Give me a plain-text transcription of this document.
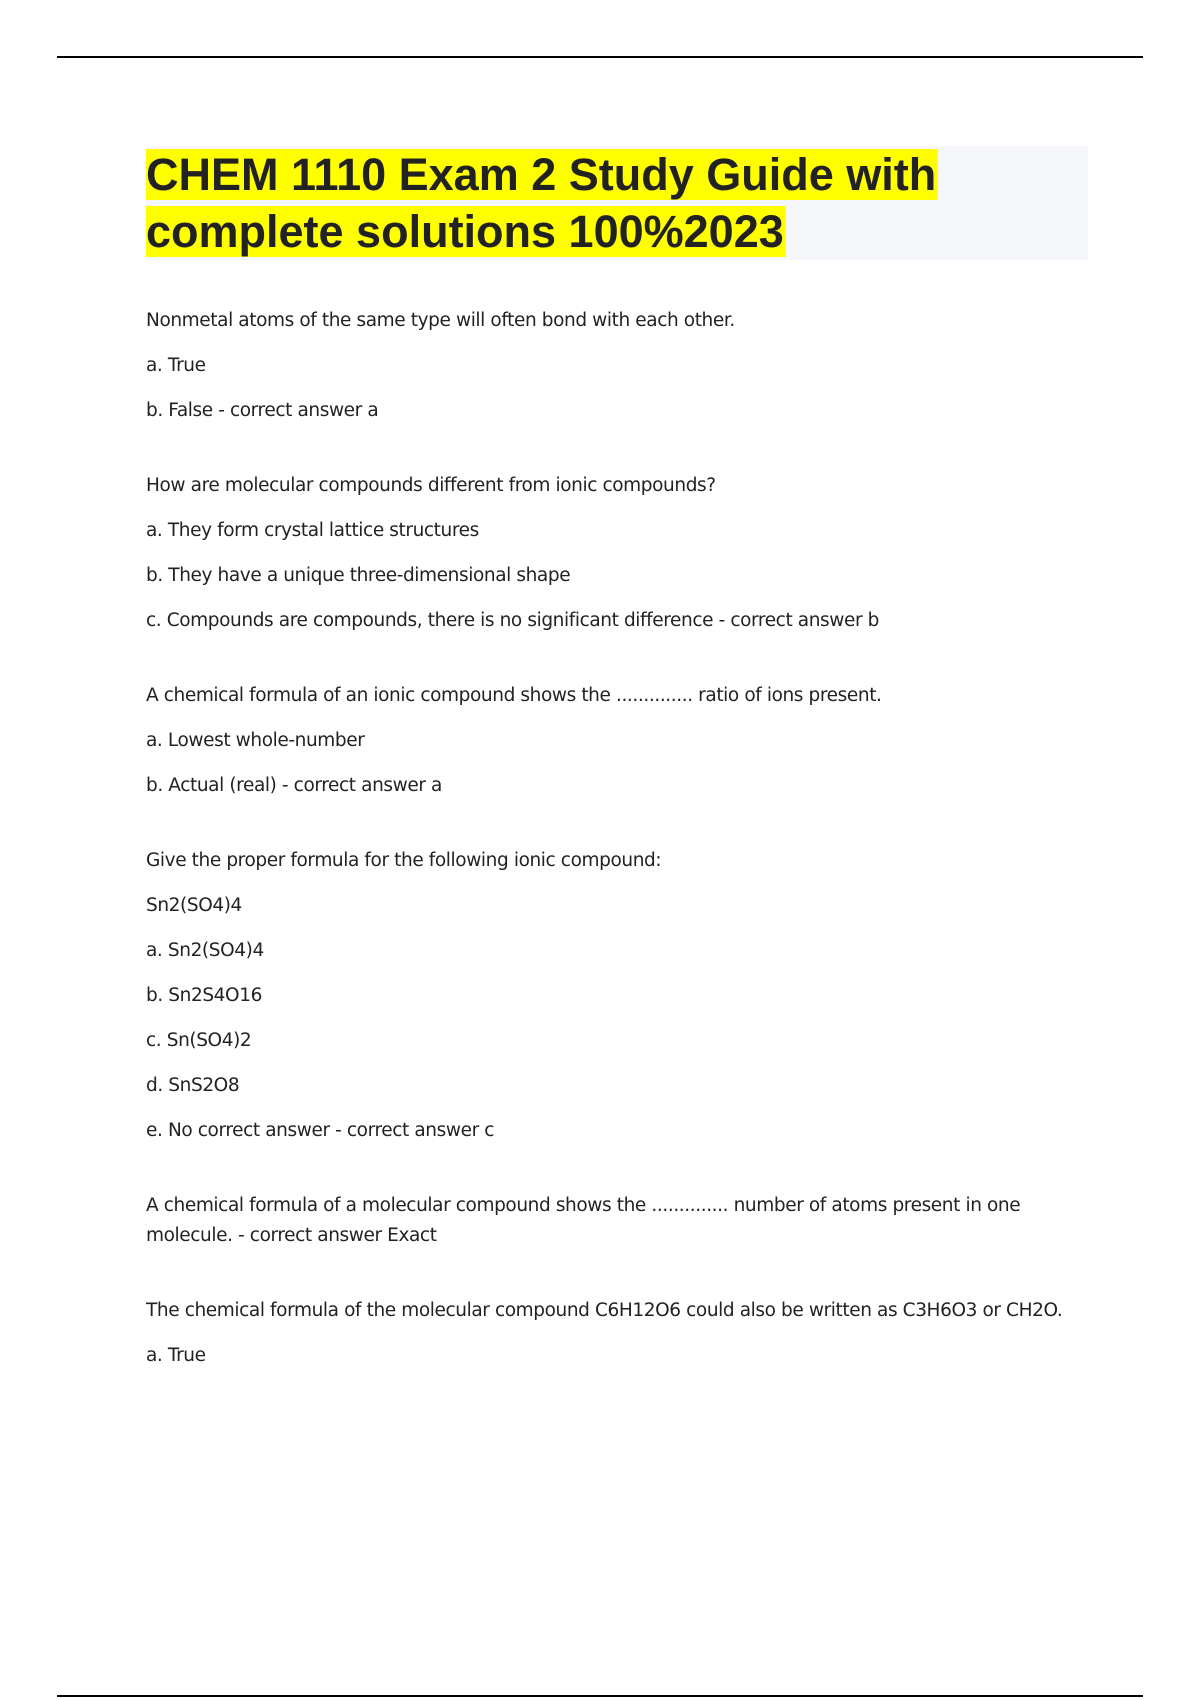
CHEM 1110 Exam 2 Study Guide with
complete solutions 100%2023

Nonmetal atoms of the same type will often bond with each other.

a. True

b. False - correct answer a

How are molecular compounds different from ionic compounds?

a. They form crystal lattice structures

b. They have a unique three-dimensional shape

c. Compounds are compounds, there is no significant difference - correct answer b

A chemical formula of an ionic compound shows the .............. ratio of ions present.

a. Lowest whole-number

b. Actual (real) - correct answer a

Give the proper formula for the following ionic compound:

Sn2(SO4)4

a. Sn2(SO4)4

b. Sn2S4O16

c. Sn(SO4)2

d. SnS2O8

e. No correct answer - correct answer c

A chemical formula of a molecular compound shows the .............. number of atoms present in one molecule. - correct answer Exact

The chemical formula of the molecular compound C6H12O6 could also be written as C3H6O3 or CH2O.

a. True
